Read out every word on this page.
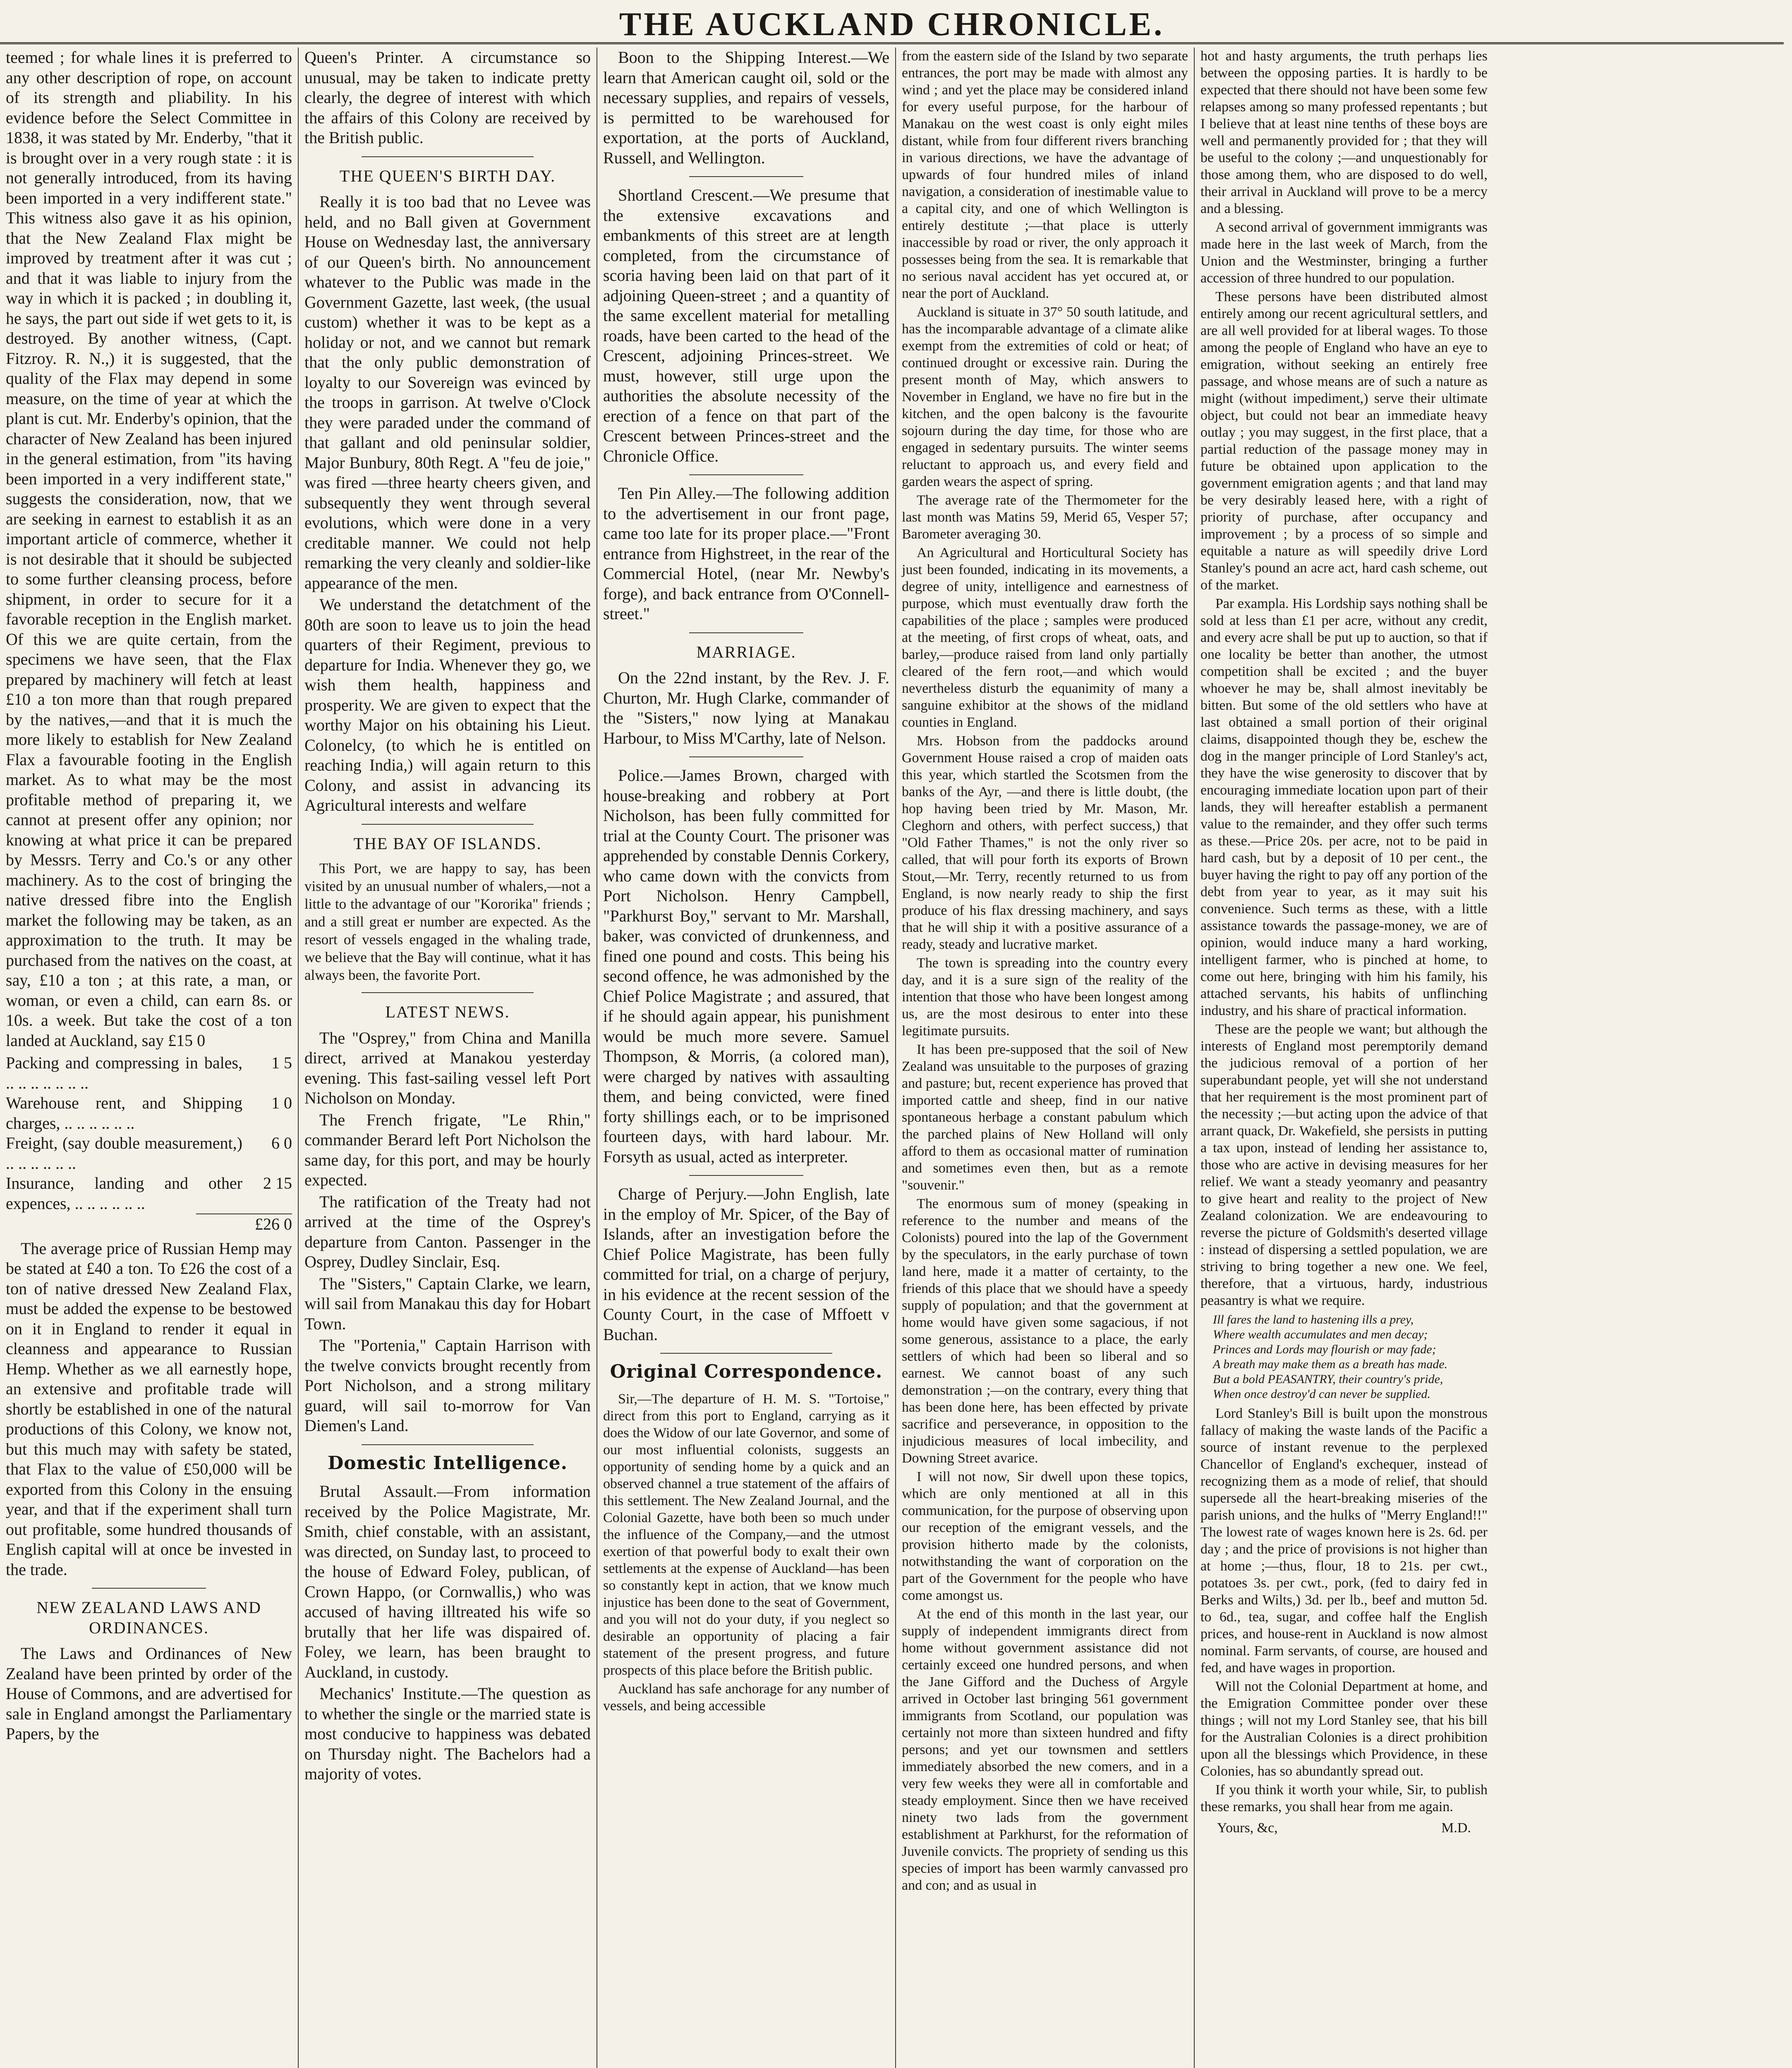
THE AUCKLAND CHRONICLE.

teemed ; for whale lines it is preferred to any other description of rope, on account of its strength and pliability. In his evidence before the Select Committee in 1838, it was stated by Mr. Enderby, "that it is brought over in a very rough state : it is not generally introduced, from its having been imported in a very indifferent state." This witness also gave it as his opinion, that the New Zealand Flax might be improved by treatment after it was cut ; and that it was liable to injury from the way in which it is packed ; in doubling it, he says, the part out side if wet gets to it, is destroyed. By another witness, (Capt. Fitzroy. R. N.,) it is suggested, that the quality of the Flax may depend in some measure, on the time of year at which the plant is cut. Mr. Enderby's opinion, that the character of New Zealand has been injured in the general estimation, from "its having been imported in a very indifferent state," suggests the consideration, now, that we are seeking in earnest to establish it as an important article of commerce, whether it is not desirable that it should be subjected to some further cleansing process, before shipment, in order to secure for it a favorable reception in the English market. Of this we are quite certain, from the specimens we have seen, that the Flax prepared by machinery will fetch at least £10 a ton more than that rough prepared by the natives,—and that it is much the more likely to establish for New Zealand Flax a favourable footing in the English market. As to what may be the most profitable method of preparing it, we cannot at present offer any opinion; nor knowing at what price it can be prepared by Messrs. Terry and Co.'s or any other machinery. As to the cost of bringing the native dressed fibre into the English market the following may be taken, as an approximation to the truth. It may be purchased from the natives on the coast, at say, £10 a ton ; at this rate, a man, or woman, or even a child, can earn 8s. or 10s. a week. But take the cost of a ton landed at Auckland, say £15 0

Packing and compressing in bales, .. .. .. .. .. .. ..
1 5
Warehouse rent, and Shipping charges, .. .. .. .. .. ..
1 0
Freight, (say double measurement,) .. .. .. .. .. ..
6 0
Insurance, landing and other expences, .. .. .. .. .. ..
2 15
£26 0

The average price of Russian Hemp may be stated at £40 a ton. To £26 the cost of a ton of native dressed New Zealand Flax, must be added the expense to be bestowed on it in England to render it equal in cleanness and appearance to Russian Hemp. Whether as we all earnestly hope, an extensive and profitable trade will shortly be established in one of the natural productions of this Colony, we know not, but this much may with safety be stated, that Flax to the value of £50,000 will be exported from this Colony in the ensuing year, and that if the experiment shall turn out profitable, some hundred thousands of English capital will at once be invested in the trade.

NEW ZEALAND LAWS AND ORDINANCES.

The Laws and Ordinances of New Zealand have been printed by order of the House of Commons, and are advertised for sale in England amongst the Parliamentary Papers, by the

Queen's Printer. A circumstance so unusual, may be taken to indicate pretty clearly, the degree of interest with which the affairs of this Colony are received by the British public.

THE QUEEN'S BIRTH DAY.

Really it is too bad that no Levee was held, and no Ball given at Government House on Wednesday last, the anniversary of our Queen's birth. No announcement whatever to the Public was made in the Government Gazette, last week, (the usual custom) whether it was to be kept as a holiday or not, and we cannot but remark that the only public demonstration of loyalty to our Sovereign was evinced by the troops in garrison. At twelve o'Clock they were paraded under the command of that gallant and old peninsular soldier, Major Bunbury, 80th Regt. A "feu de joie," was fired —three hearty cheers given, and subsequently they went through several evolutions, which were done in a very creditable manner. We could not help remarking the very cleanly and soldier-like appearance of the men.

We understand the detatchment of the 80th are soon to leave us to join the head quarters of their Regiment, previous to departure for India. Whenever they go, we wish them health, happiness and prosperity. We are given to expect that the worthy Major on his obtaining his Lieut. Colonelcy, (to which he is entitled on reaching India,) will again return to this Colony, and assist in advancing its Agricultural interests and welfare

THE BAY OF ISLANDS.

This Port, we are happy to say, has been visited by an unusual number of whalers,—not a little to the advantage of our "Kororika" friends ; and a still great er number are expected. As the resort of vessels engaged in the whaling trade, we believe that the Bay will continue, what it has always been, the favorite Port.

LATEST NEWS.

The "Osprey," from China and Manilla direct, arrived at Manakou yesterday evening. This fast-sailing vessel left Port Nicholson on Monday.

The French frigate, "Le Rhin," commander Berard left Port Nicholson the same day, for this port, and may be hourly expected.

The ratification of the Treaty had not arrived at the time of the Osprey's departure from Canton. Passenger in the Osprey, Dudley Sinclair, Esq.

The "Sisters," Captain Clarke, we learn, will sail from Manakau this day for Hobart Town.

The "Portenia," Captain Harrison with the twelve convicts brought recently from Port Nicholson, and a strong military guard, will sail to-morrow for Van Diemen's Land.

Domestic Intelligence.

Brutal Assault.—From information received by the Police Magistrate, Mr. Smith, chief constable, with an assistant, was directed, on Sunday last, to proceed to the house of Edward Foley, publican, of Crown Happo, (or Cornwallis,) who was accused of having illtreated his wife so brutally that her life was dispaired of. Foley, we learn, has been braught to Auckland, in custody.

Mechanics' Institute.—The question as to whether the single or the married state is most conducive to happiness was debated on Thursday night. The Bachelors had a majority of votes.

Boon to the Shipping Interest.—We learn that American caught oil, sold or the necessary supplies, and repairs of vessels, is permitted to be warehoused for exportation, at the ports of Auckland, Russell, and Wellington.

Shortland Crescent.—We presume that the extensive excavations and embankments of this street are at length completed, from the circumstance of scoria having been laid on that part of it adjoining Queen-street ; and a quantity of the same excellent material for metalling roads, have been carted to the head of the Crescent, adjoining Princes-street. We must, however, still urge upon the authorities the absolute necessity of the erection of a fence on that part of the Crescent between Princes-street and the Chronicle Office.

Ten Pin Alley.—The following addition to the advertisement in our front page, came too late for its proper place.—"Front entrance from Highstreet, in the rear of the Commercial Hotel, (near Mr. Newby's forge), and back entrance from O'Connell-street."

MARRIAGE.

On the 22nd instant, by the Rev. J. F. Churton, Mr. Hugh Clarke, commander of the "Sisters," now lying at Manakau Harbour, to Miss M'Carthy, late of Nelson.

Police.—James Brown, charged with house-breaking and robbery at Port Nicholson, has been fully committed for trial at the County Court. The prisoner was apprehended by constable Dennis Corkery, who came down with the convicts from Port Nicholson. Henry Campbell, "Parkhurst Boy," servant to Mr. Marshall, baker, was convicted of drunkenness, and fined one pound and costs. This being his second offence, he was admonished by the Chief Police Magistrate ; and assured, that if he should again appear, his punishment would be much more severe. Samuel Thompson, & Morris, (a colored man), were charged by natives with assaulting them, and being convicted, were fined forty shillings each, or to be imprisoned fourteen days, with hard labour. Mr. Forsyth as usual, acted as interpreter.

Charge of Perjury.—John English, late in the employ of Mr. Spicer, of the Bay of Islands, after an investigation before the Chief Police Magistrate, has been fully committed for trial, on a charge of perjury, in his evidence at the recent session of the County Court, in the case of Mffoett v Buchan.

Original Correspondence.

Sir,—The departure of H. M. S. "Tortoise," direct from this port to England, carrying as it does the Widow of our late Governor, and some of our most influential colonists, suggests an opportunity of sending home by a quick and an observed channel a true statement of the affairs of this settlement. The New Zealand Journal, and the Colonial Gazette, have both been so much under the influence of the Company,—and the utmost exertion of that powerful body to exalt their own settlements at the expense of Auckland—has been so constantly kept in action, that we know much injustice has been done to the seat of Government, and you will not do your duty, if you neglect so desirable an opportunity of placing a fair statement of the present progress, and future prospects of this place before the British public.

Auckland has safe anchorage for any number of vessels, and being accessible

from the eastern side of the Island by two separate entrances, the port may be made with almost any wind ; and yet the place may be considered inland for every useful purpose, for the harbour of Manakau on the west coast is only eight miles distant, while from four different rivers branching in various directions, we have the advantage of upwards of four hundred miles of inland navigation, a consideration of inestimable value to a capital city, and one of which Wellington is entirely destitute ;—that place is utterly inaccessible by road or river, the only approach it possesses being from the sea. It is remarkable that no serious naval accident has yet occured at, or near the port of Auckland.

Auckland is situate in 37° 50 south latitude, and has the incomparable advantage of a climate alike exempt from the extremities of cold or heat; of continued drought or excessive rain. During the present month of May, which answers to November in England, we have no fire but in the kitchen, and the open balcony is the favourite sojourn during the day time, for those who are engaged in sedentary pursuits. The winter seems reluctant to approach us, and every field and garden wears the aspect of spring.

The average rate of the Thermometer for the last month was Matins 59, Merid 65, Vesper 57; Barometer averaging 30.

An Agricultural and Horticultural Society has just been founded, indicating in its movements, a degree of unity, intelligence and earnestness of purpose, which must eventually draw forth the capabilities of the place ; samples were produced at the meeting, of first crops of wheat, oats, and barley,—produce raised from land only partially cleared of the fern root,—and which would nevertheless disturb the equanimity of many a sanguine exhibitor at the shows of the midland counties in England.

Mrs. Hobson from the paddocks around Government House raised a crop of maiden oats this year, which startled the Scotsmen from the banks of the Ayr, —and there is little doubt, (the hop having been tried by Mr. Mason, Mr. Cleghorn and others, with perfect success,) that "Old Father Thames," is not the only river so called, that will pour forth its exports of Brown Stout,—Mr. Terry, recently returned to us from England, is now nearly ready to ship the first produce of his flax dressing machinery, and says that he will ship it with a positive assurance of a ready, steady and lucrative market.

The town is spreading into the country every day, and it is a sure sign of the reality of the intention that those who have been longest among us, are the most desirous to enter into these legitimate pursuits.

It has been pre-supposed that the soil of New Zealand was unsuitable to the purposes of grazing and pasture; but, recent experience has proved that imported cattle and sheep, find in our native spontaneous herbage a constant pabulum which the parched plains of New Holland will only afford to them as occasional matter of rumination and sometimes even then, but as a remote "souvenir."

The enormous sum of money (speaking in reference to the number and means of the Colonists) poured into the lap of the Government by the speculators, in the early purchase of town land here, made it a matter of certainty, to the friends of this place that we should have a speedy supply of population; and that the government at home would have given some sagacious, if not some generous, assistance to a place, the early settlers of which had been so liberal and so earnest. We cannot boast of any such demonstration ;—on the contrary, every thing that has been done here, has been effected by private sacrifice and perseverance, in opposition to the injudicious measures of local imbecility, and Downing Street avarice.

I will not now, Sir dwell upon these topics, which are only mentioned at all in this communication, for the purpose of observing upon our reception of the emigrant vessels, and the provision hitherto made by the colonists, notwithstanding the want of corporation on the part of the Government for the people who have come amongst us.

At the end of this month in the last year, our supply of independent immigrants direct from home without government assistance did not certainly exceed one hundred persons, and when the Jane Gifford and the Duchess of Argyle arrived in October last bringing 561 government immigrants from Scotland, our population was certainly not more than sixteen hundred and fifty persons; and yet our townsmen and settlers immediately absorbed the new comers, and in a very few weeks they were all in comfortable and steady employment. Since then we have received ninety two lads from the government establishment at Parkhurst, for the reformation of Juvenile convicts. The propriety of sending us this species of import has been warmly canvassed pro and con; and as usual in

hot and hasty arguments, the truth perhaps lies between the opposing parties. It is hardly to be expected that there should not have been some few relapses among so many professed repentants ; but I believe that at least nine tenths of these boys are well and permanently provided for ; that they will be useful to the colony ;—and unquestionably for those among them, who are disposed to do well, their arrival in Auckland will prove to be a mercy and a blessing.

A second arrival of government immigrants was made here in the last week of March, from the Union and the Westminster, bringing a further accession of three hundred to our population.

These persons have been distributed almost entirely among our recent agricultural settlers, and are all well provided for at liberal wages. To those among the people of England who have an eye to emigration, without seeking an entirely free passage, and whose means are of such a nature as might (without impediment,) serve their ultimate object, but could not bear an immediate heavy outlay ; you may suggest, in the first place, that a partial reduction of the passage money may in future be obtained upon application to the government emigration agents ; and that land may be very desirably leased here, with a right of priority of purchase, after occupancy and improvement ; by a process of so simple and equitable a nature as will speedily drive Lord Stanley's pound an acre act, hard cash scheme, out of the market.

Par exampla. His Lordship says nothing shall be sold at less than £1 per acre, without any credit, and every acre shall be put up to auction, so that if one locality be better than another, the utmost competition shall be excited ; and the buyer whoever he may be, shall almost inevitably be bitten. But some of the old settlers who have at last obtained a small portion of their original claims, disappointed though they be, eschew the dog in the manger principle of Lord Stanley's act, they have the wise generosity to discover that by encouraging immediate location upon part of their lands, they will hereafter establish a permanent value to the remainder, and they offer such terms as these.—Price 20s. per acre, not to be paid in hard cash, but by a deposit of 10 per cent., the buyer having the right to pay off any portion of the debt from year to year, as it may suit his convenience. Such terms as these, with a little assistance towards the passage-money, we are of opinion, would induce many a hard working, intelligent farmer, who is pinched at home, to come out here, bringing with him his family, his attached servants, his habits of unflinching industry, and his share of practical information.

These are the people we want; but although the interests of England most peremptorily demand the judicious removal of a portion of her superabundant people, yet will she not understand that her requirement is the most prominent part of the necessity ;—but acting upon the advice of that arrant quack, Dr. Wakefield, she persists in putting a tax upon, instead of lending her assistance to, those who are active in devising measures for her relief. We want a steady yeomanry and peasantry to give heart and reality to the project of New Zealand colonization. We are endeavouring to reverse the picture of Goldsmith's deserted village : instead of dispersing a settled population, we are striving to bring together a new one. We feel, therefore, that a virtuous, hardy, industrious peasantry is what we require.

Ill fares the land to hastening ills a prey,
Where wealth accumulates and men decay;
Princes and Lords may flourish or may fade;
A breath may make them as a breath has made.
But a bold PEASANTRY, their country's pride,
When once destroy'd can never be supplied.

Lord Stanley's Bill is built upon the monstrous fallacy of making the waste lands of the Pacific a source of instant revenue to the perplexed Chancellor of England's exchequer, instead of recognizing them as a mode of relief, that should supersede all the heart-breaking miseries of the parish unions, and the hulks of "Merry England!!" The lowest rate of wages known here is 2s. 6d. per day ; and the price of provisions is not higher than at home ;—thus, flour, 18 to 21s. per cwt., potatoes 3s. per cwt., pork, (fed to dairy fed in Berks and Wilts,) 3d. per lb., beef and mutton 5d. to 6d., tea, sugar, and coffee half the English prices, and house-rent in Auckland is now almost nominal. Farm servants, of course, are housed and fed, and have wages in proportion.

Will not the Colonial Department at home, and the Emigration Committee ponder over these things ; will not my Lord Stanley see, that his bill for the Australian Colonies is a direct prohibition upon all the blessings which Providence, in these Colonies, has so abundantly spread out.

If you think it worth your while, Sir, to publish these remarks, you shall hear from me again.

Yours, &c,	M.D.
